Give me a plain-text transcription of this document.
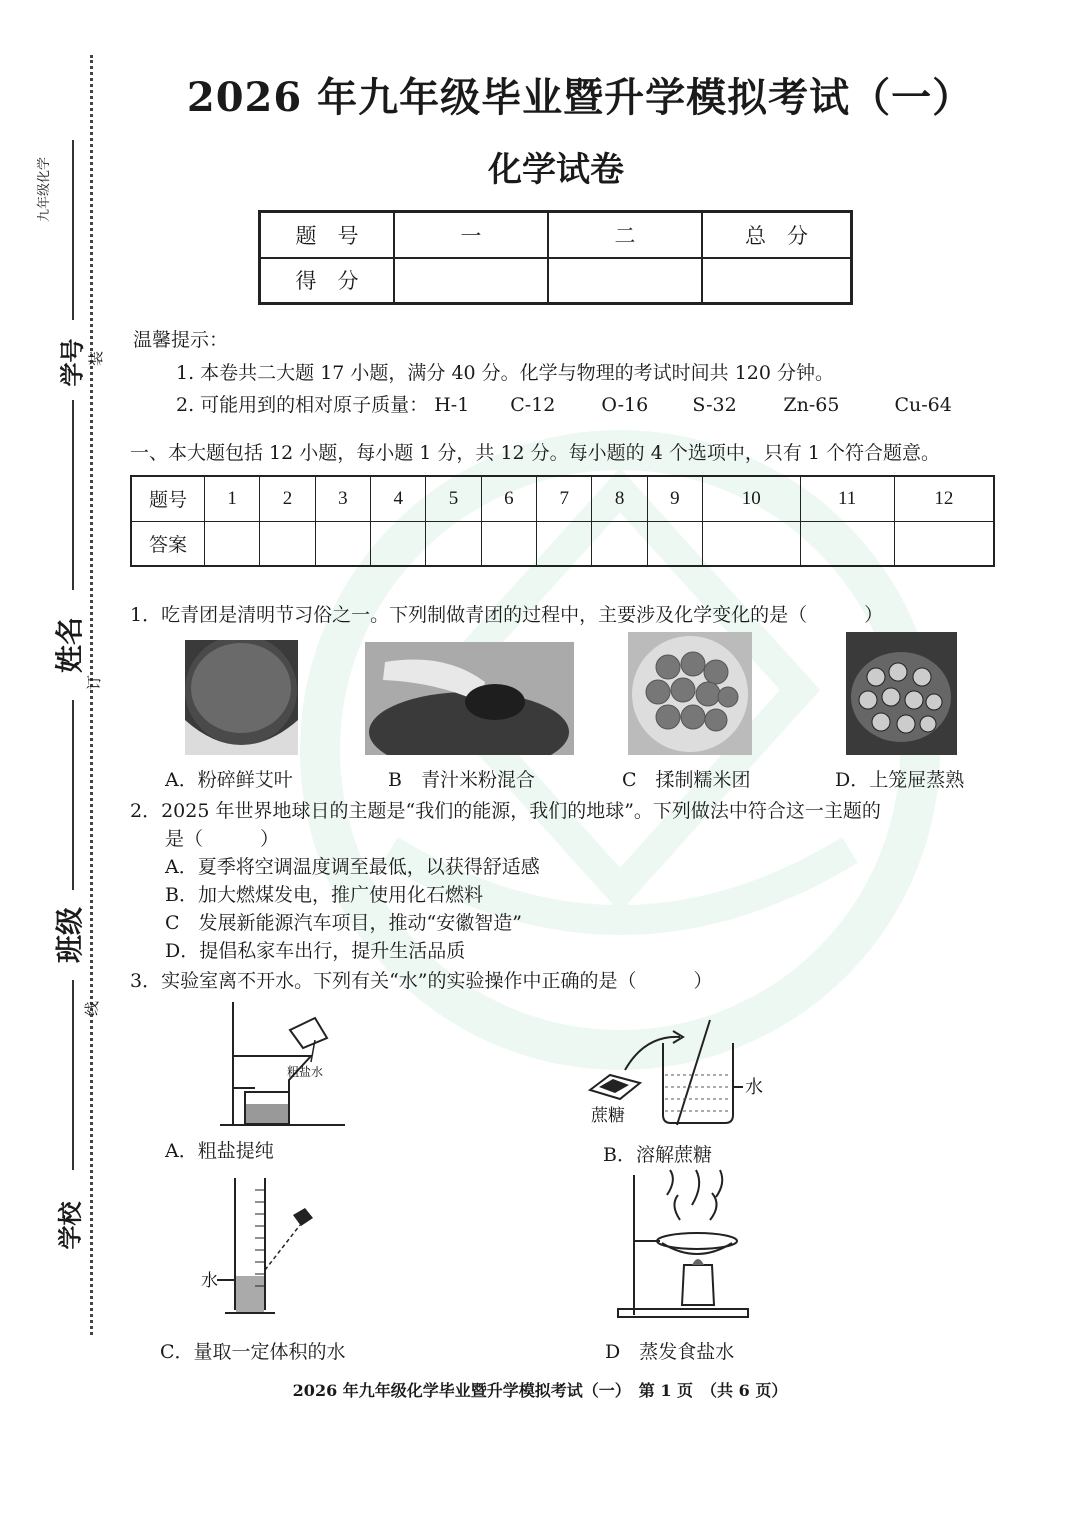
九年级化学
学号 装
姓名
订
班级
线
学校
2026 年九年级毕业暨升学模拟考试（一）
化学试卷
题　号	一	二	总　分
得　分			
温馨提示：
1. 本卷共二大题 17 小题，满分 40 分。化学与物理的考试时间共 120 分钟。
2. 可能用到的相对原子质量： H-1 C-12 O-16 S-32 Zn-65	Cu-64
一、本大题包括 12 小题，每小题 1 分，共 12 分。每小题的 4 个选项中，只有 1 个符合题意。
题号	1	2	3	4	5	6	7	8	9	10	11	12
答案												
1．吃青团是清明节习俗之一。下列制做青团的过程中，主要涉及化学变化的是（　　　）
A．粉碎鲜艾叶	B　青汁米粉混合	C　揉制糯米团	D．上笼屉蒸熟
2．2025 年世界地球日的主题是“我们的能源，我们的地球”。下列做法中符合这一主题的
是（　　　）
A．夏季将空调温度调至最低，以获得舒适感
B．加大燃煤发电，推广使用化石燃料
C　发展新能源汽车项目，推动“安徽智造”
D．提倡私家车出行，提升生活品质
3．实验室离不开水。下列有关“水”的实验操作中正确的是（　　　）
粗盐水
A．粗盐提纯
蔗糖
水
B．溶解蔗糖
水
C．量取一定体积的水	D　蒸发食盐水
2026 年九年级化学毕业暨升学模拟考试（一）　第 1 页　（共 6 页）
